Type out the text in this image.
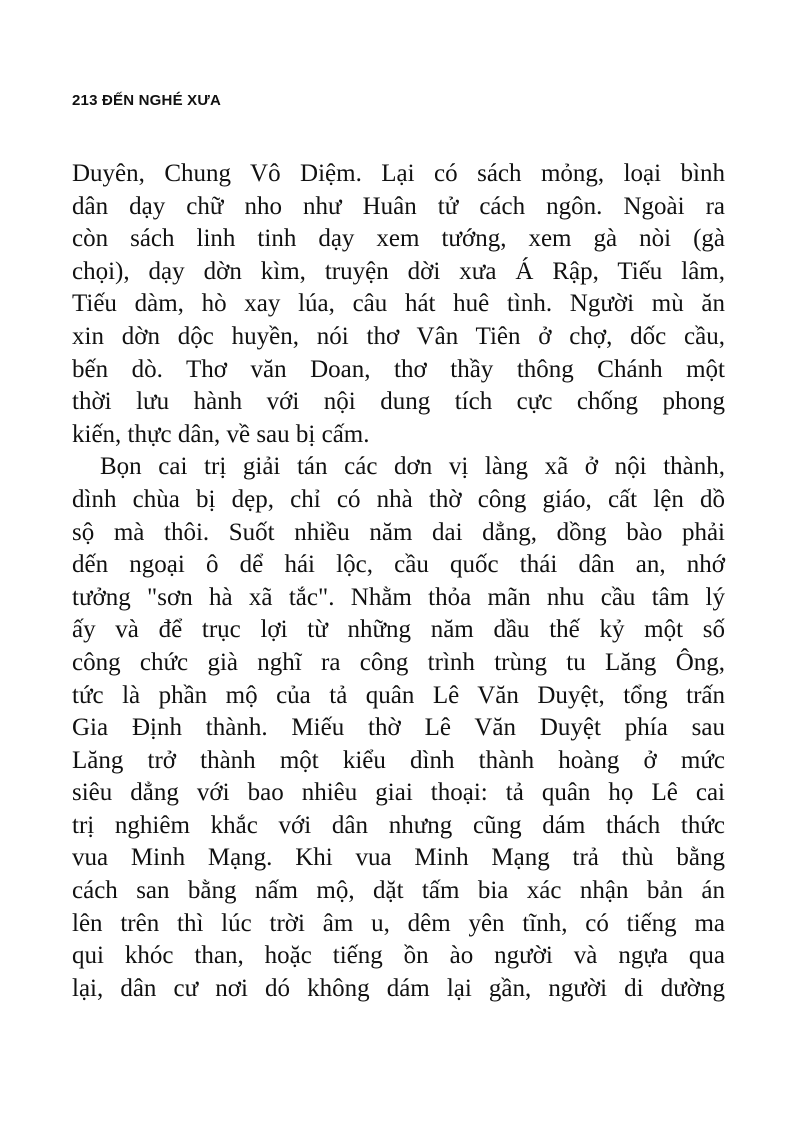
213 ĐẾN NGHÉ XƯA
Duyên, Chung Vô Diệm. Lại có sách mỏng, loại bình
dân dạy chữ nho như Huân tử cách ngôn. Ngoài ra
còn sách linh tinh dạy xem tướng, xem gà nòi (gà
chọi), dạy dờn kìm, truyện dời xưa Á Rập, Tiếu lâm,
Tiếu dàm, hò xay lúa, câu hát huê tình. Người mù ăn
xin dờn dộc huyền, nói thơ Vân Tiên ở chợ, dốc cầu,
bến dò. Thơ văn Doan, thơ thầy thông Chánh một
thời lưu hành với nội dung tích cực chống phong
kiến, thực dân, về sau bị cấm.
Bọn cai trị giải tán các dơn vị làng xã ở nội thành,
dình chùa bị dẹp, chỉ có nhà thờ công giáo, cất lện dồ
sộ mà thôi. Suốt nhiều năm dai dẳng, dồng bào phải
dến ngoại ô dể hái lộc, cầu quốc thái dân an, nhớ
tưởng "sơn hà xã tắc". Nhằm thỏa mãn nhu cầu tâm lý
ấy và để trục lợi từ những năm dầu thế kỷ một số
công chức già nghĩ ra công trình trùng tu Lăng Ông,
tức là phần mộ của tả quân Lê Văn Duyệt, tổng trấn
Gia Định thành. Miếu thờ Lê Văn Duyệt phía sau
Lăng trở thành một kiểu dình thành hoàng ở mức
siêu dẳng với bao nhiêu giai thoại: tả quân họ Lê cai
trị nghiêm khắc với dân nhưng cũng dám thách thức
vua Minh Mạng. Khi vua Minh Mạng trả thù bằng
cách san bằng nấm mộ, dặt tấm bia xác nhận bản án
lên trên thì lúc trời âm u, dêm yên tĩnh, có tiếng ma
qui khóc than, hoặc tiếng ồn ào người và ngựa qua
lại, dân cư nơi dó không dám lại gần, người di dường
